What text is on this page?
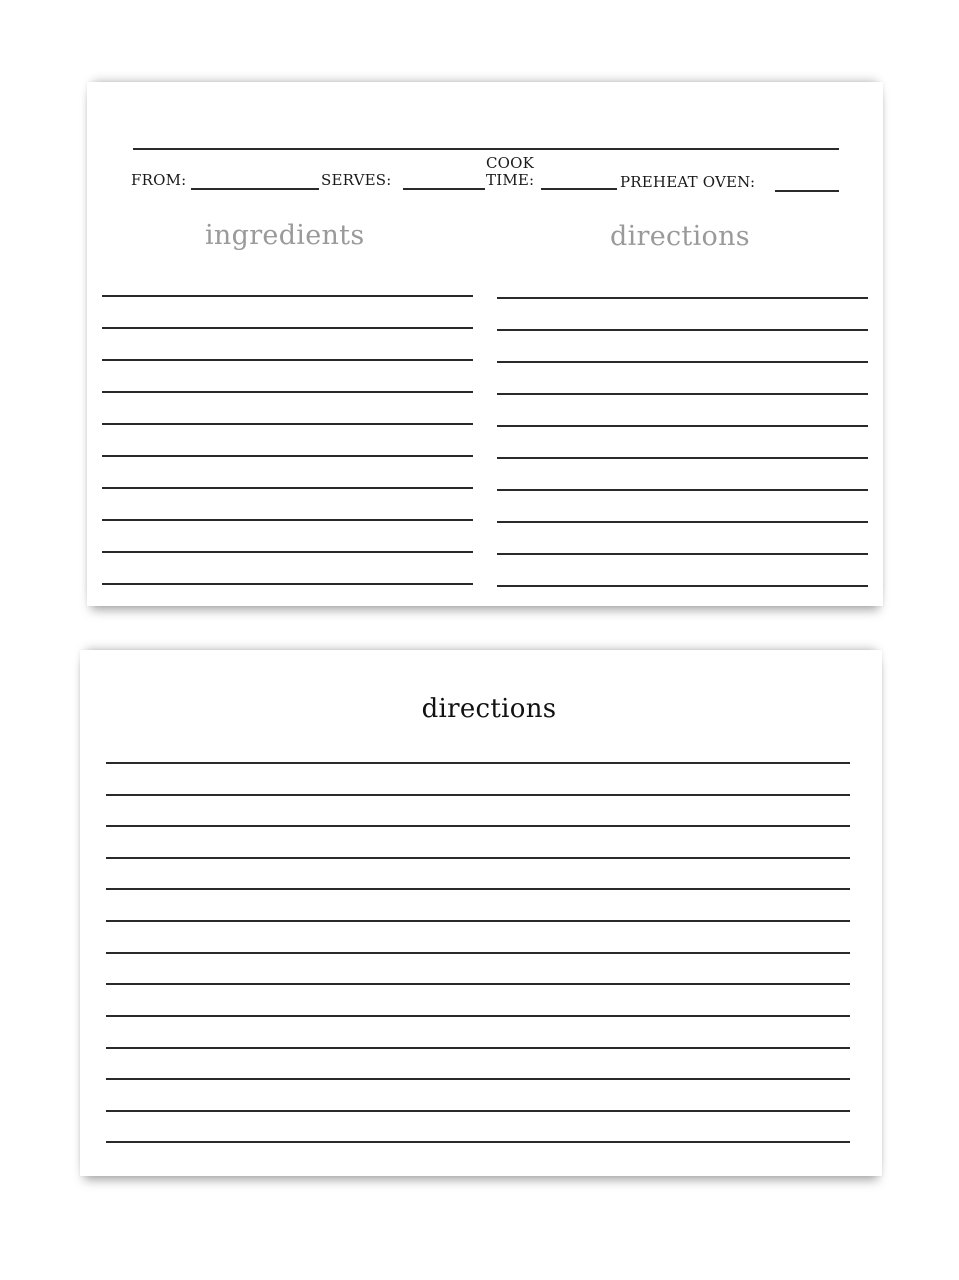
FROM:	SERVES:
COOK
TIME:	PREHEAT OVEN:
ingredients	directions
directions
